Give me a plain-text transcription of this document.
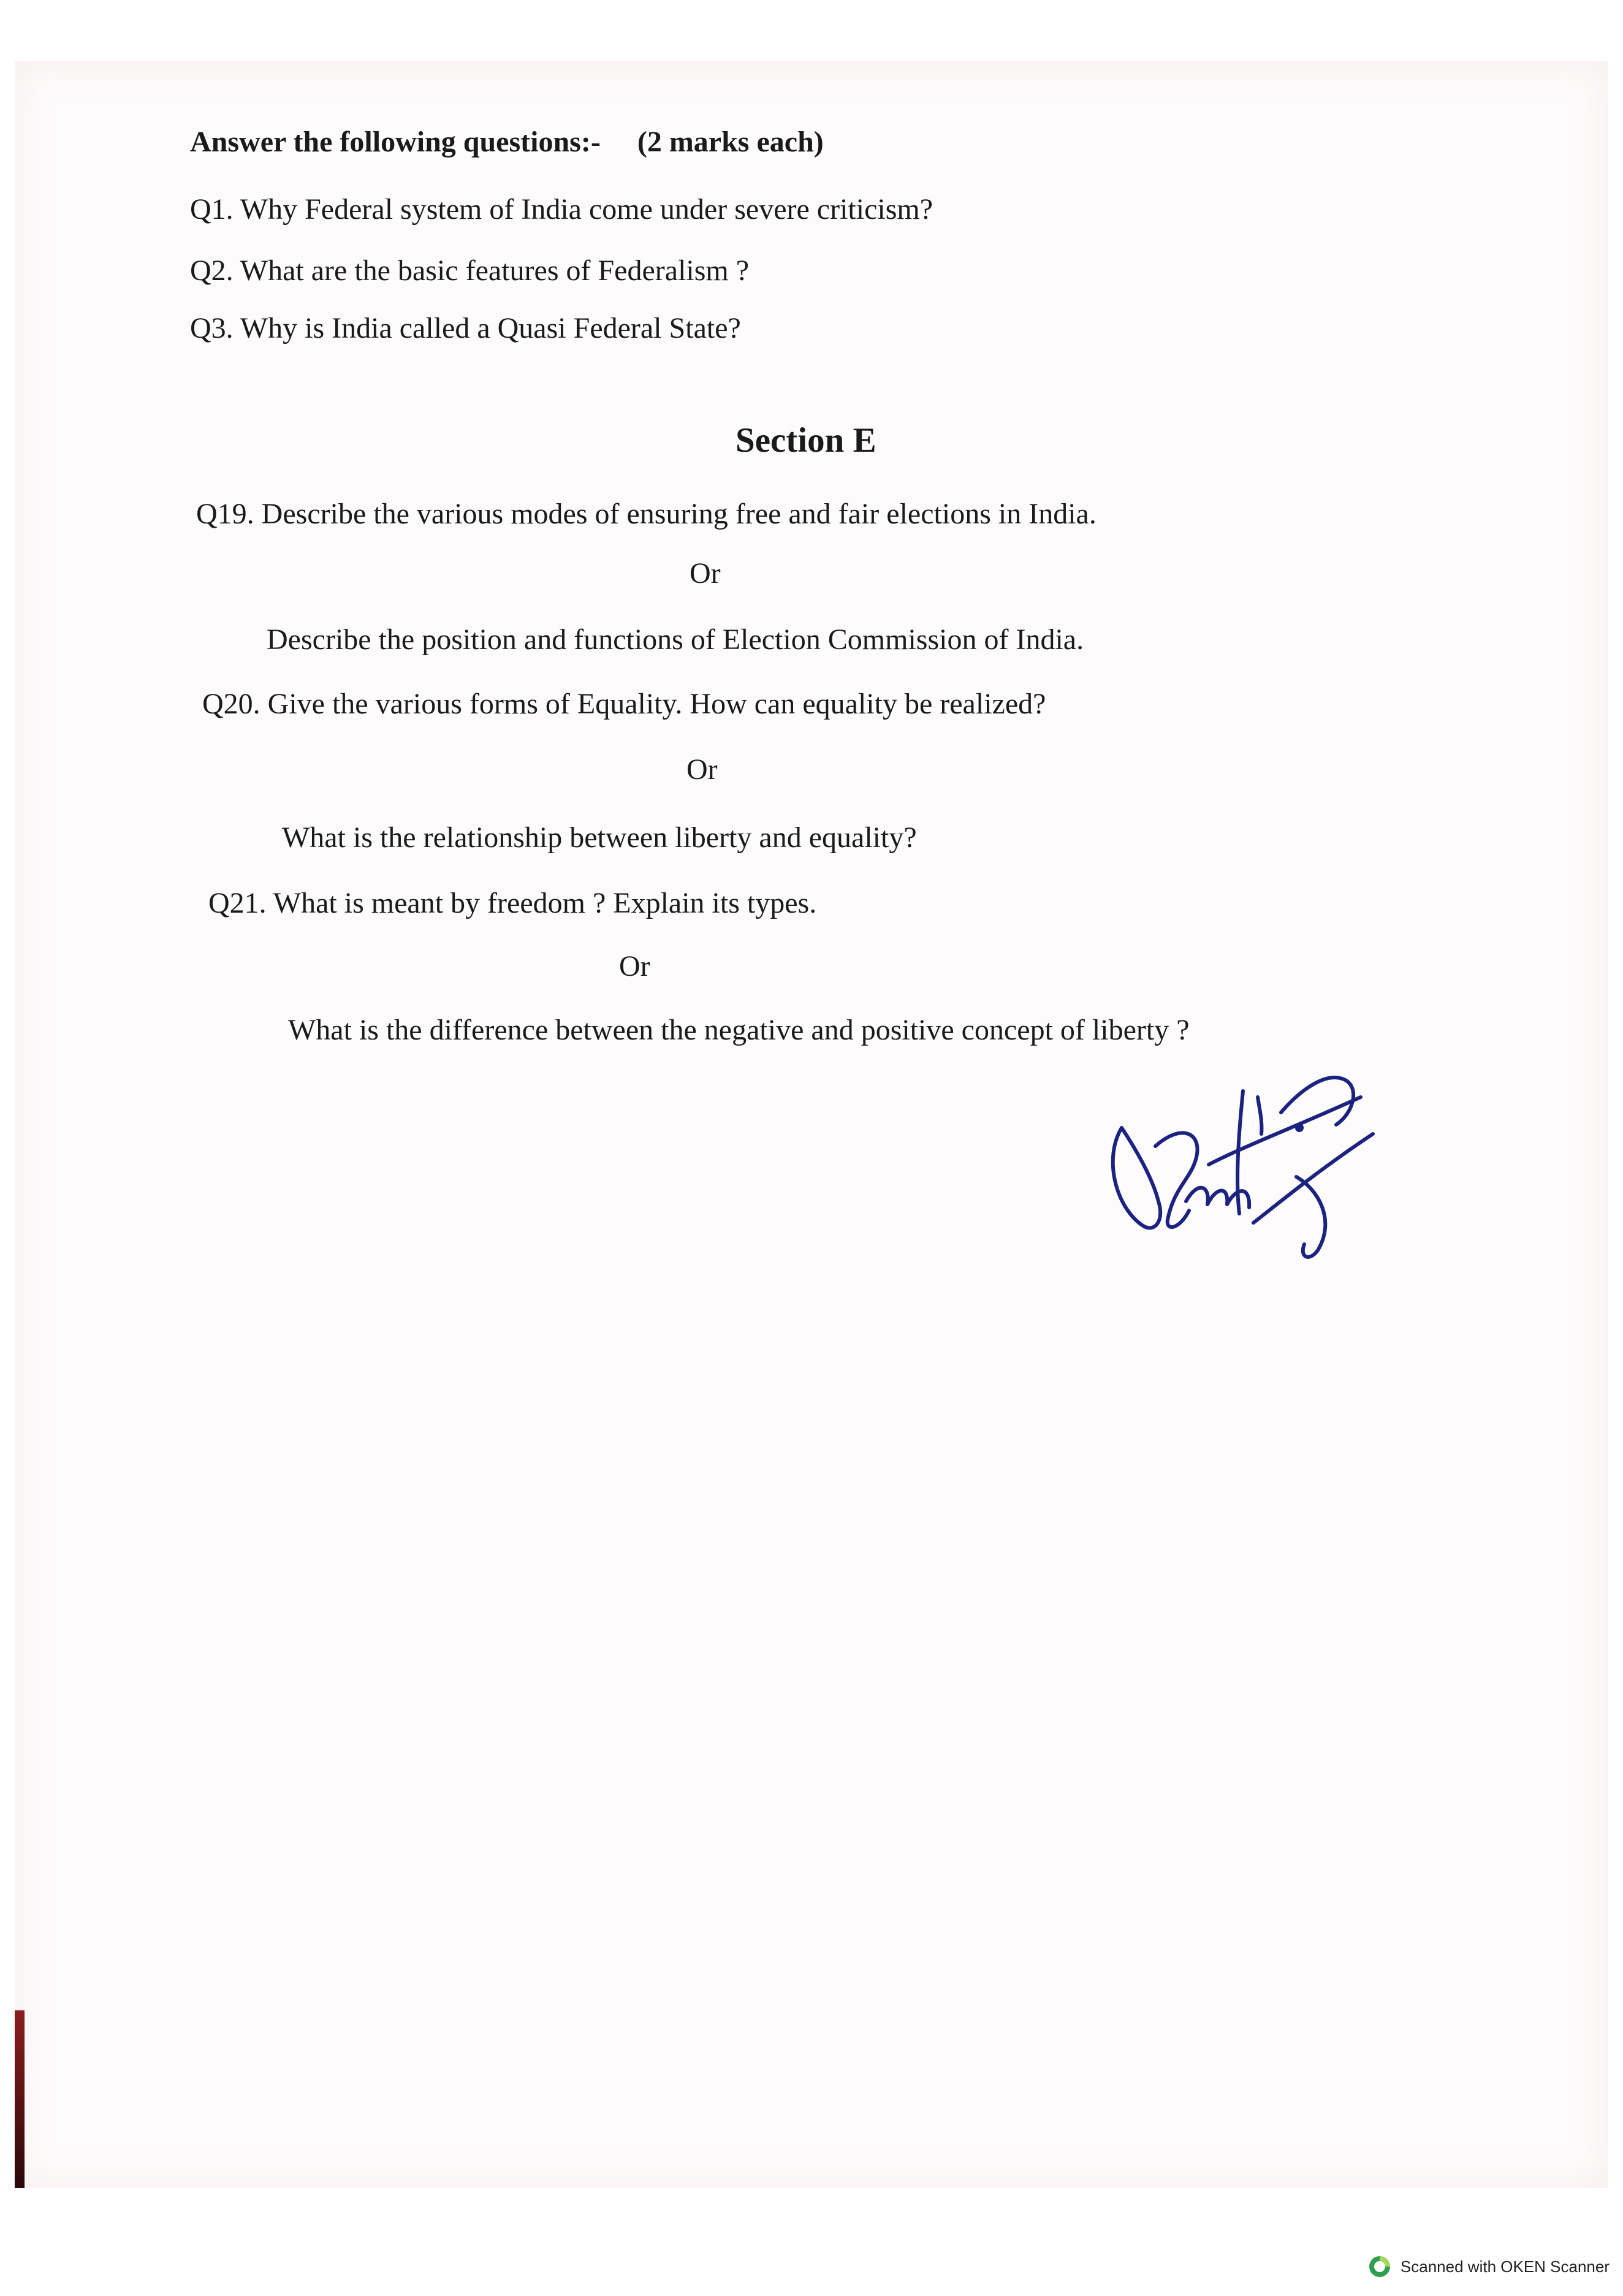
Answer the following questions:- (2 marks each)
Q1. Why Federal system of India come under severe criticism?
Q2. What are the basic features of Federalism ?
Q3. Why is India called a Quasi Federal State?
Section E
Q19. Describe the various modes of ensuring free and fair elections in India.
Or
Describe the position and functions of Election Commission of India.
Q20. Give the various forms of Equality. How can equality be realized?
Or
What is the relationship between liberty and equality?
Q21. What is meant by freedom ? Explain its types.
Or
What is the difference between the negative and positive concept of liberty ?
Scanned with OKEN Scanner
